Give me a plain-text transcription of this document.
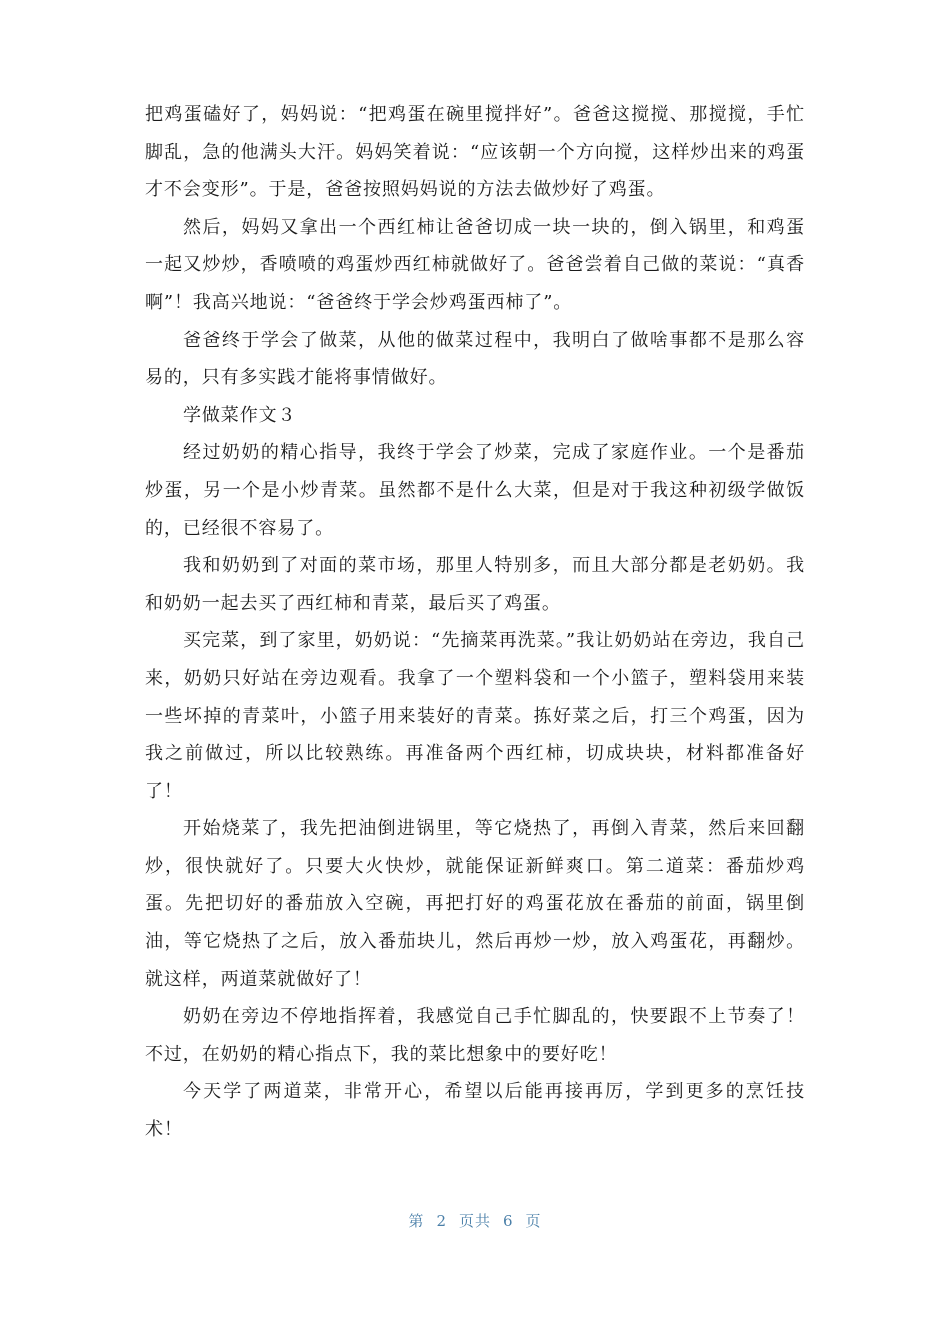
把鸡蛋磕好了，妈妈说：“把鸡蛋在碗里搅拌好”。爸爸这搅搅、那搅搅，手忙脚乱，急的他满头大汗。妈妈笑着说：“应该朝一个方向搅，这样炒出来的鸡蛋才不会变形”。于是，爸爸按照妈妈说的方法去做炒好了鸡蛋。

然后，妈妈又拿出一个西红柿让爸爸切成一块一块的，倒入锅里，和鸡蛋一起又炒炒，香喷喷的鸡蛋炒西红柿就做好了。爸爸尝着自己做的菜说：“真香啊”！我高兴地说：“爸爸终于学会炒鸡蛋西柿了”。

爸爸终于学会了做菜，从他的做菜过程中，我明白了做啥事都不是那么容易的，只有多实践才能将事情做好。

学做菜作文３

经过奶奶的精心指导，我终于学会了炒菜，完成了家庭作业。一个是番茄炒蛋，另一个是小炒青菜。虽然都不是什么大菜，但是对于我这种初级学做饭的，已经很不容易了。

我和奶奶到了对面的菜市场，那里人特别多，而且大部分都是老奶奶。我和奶奶一起去买了西红柿和青菜，最后买了鸡蛋。

买完菜，到了家里，奶奶说：“先摘菜再洗菜。”我让奶奶站在旁边，我自己来，奶奶只好站在旁边观看。我拿了一个塑料袋和一个小篮子，塑料袋用来装一些坏掉的青菜叶，小篮子用来装好的青菜。拣好菜之后，打三个鸡蛋，因为我之前做过，所以比较熟练。再准备两个西红柿，切成块块，材料都准备好了！

开始烧菜了，我先把油倒进锅里，等它烧热了，再倒入青菜，然后来回翻炒，很快就好了。只要大火快炒，就能保证新鲜爽口。第二道菜：番茄炒鸡蛋。先把切好的番茄放入空碗，再把打好的鸡蛋花放在番茄的前面，锅里倒油，等它烧热了之后，放入番茄块儿，然后再炒一炒，放入鸡蛋花，再翻炒。就这样，两道菜就做好了！

奶奶在旁边不停地指挥着，我感觉自己手忙脚乱的，快要跟不上节奏了！不过，在奶奶的精心指点下，我的菜比想象中的要好吃！

今天学了两道菜，非常开心，希望以后能再接再厉，学到更多的烹饪技术！

第 2 页共 6 页
